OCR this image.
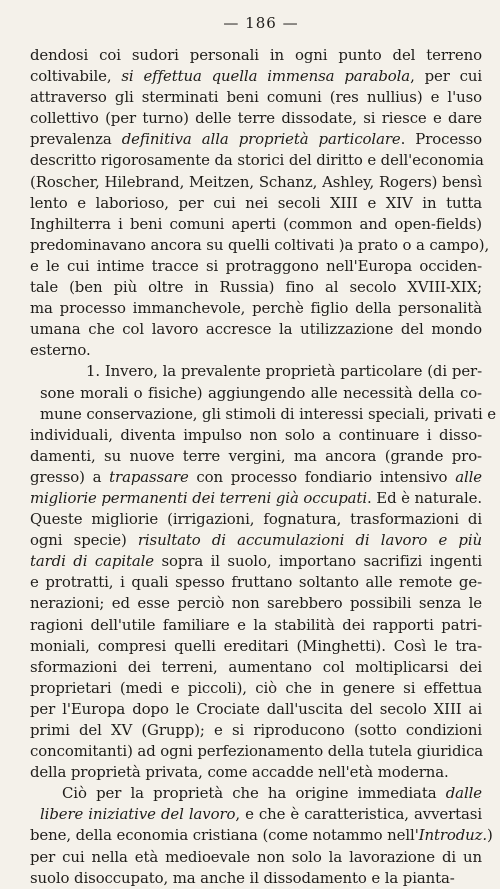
— 186 —
dendosi coi sudori personali in ogni punto del terreno
coltivabile, si effettua quella immensa parabola, per cui
attraverso gli sterminati beni comuni (res nullius) e l'uso
collettivo (per turno) delle terre dissodate, si riesce e dare
prevalenza definitiva alla proprietà particolare. Processo
descritto rigorosamente da storici del diritto e dell'economia
(Roscher, Hilebrand, Meitzen, Schanz, Ashley, Rogers) bensì
lento e laborioso, per cui nei secoli XIII e XIV in tutta
Inghilterra i beni comuni aperti (common and open-fields)
predominavano ancora su quelli coltivati )a prato o a campo),
e le cui intime tracce si protraggono nell'Europa occiden-
tale (ben più oltre in Russia) fino al secolo XVIII-XIX;
ma processo immanchevole, perchè figlio della personalità
umana che col lavoro accresce la utilizzazione del mondo
esterno.
1. Invero, la prevalente proprietà particolare (di per-
sone morali o fisiche) aggiungendo alle necessità della co-
mune conservazione, gli stimoli di interessi speciali, privati e
individuali, diventa impulso non solo a continuare i disso-
damenti, su nuove terre vergini, ma ancora (grande pro-
gresso) a trapassare con processo fondiario intensivo alle
migliorie permanenti dei terreni già occupati. Ed è naturale.
Queste migliorie (irrigazioni, fognatura, trasformazioni di
ogni specie) risultato di accumulazioni di lavoro e più
tardi di capitale sopra il suolo, importano sacrifizi ingenti
e protratti, i quali spesso fruttano soltanto alle remote ge-
nerazioni; ed esse perciò non sarebbero possibili senza le
ragioni dell'utile familiare e la stabilità dei rapporti patri-
moniali, compresi quelli ereditari (Minghetti). Così le tra-
sformazioni dei terreni, aumentano col moltiplicarsi dei
proprietari (medi e piccoli), ciò che in genere si effettua
per l'Europa dopo le Crociate dall'uscita del secolo XIII ai
primi del XV (Grupp); e si riproducono (sotto condizioni
concomitanti) ad ogni perfezionamento della tutela giuridica
della proprietà privata, come accadde nell'età moderna.
Ciò per la proprietà che ha origine immediata dalle
libere iniziative del lavoro, e che è caratteristica, avvertasi
bene, della economia cristiana (come notammo nell'Introduz.)
per cui nella età medioevale non solo la lavorazione di un
suolo disoccupato, ma anche il dissodamento e la pianta-
